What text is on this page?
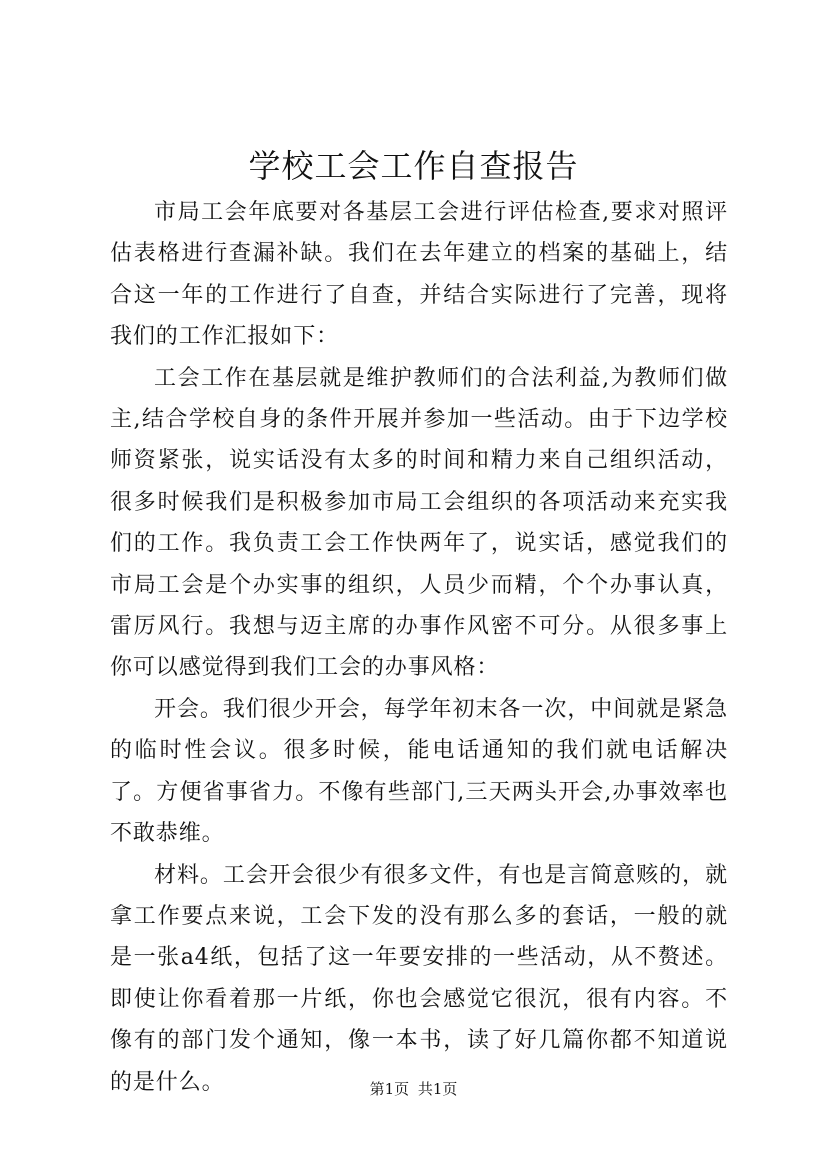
学校工会工作自查报告

市局工会年底要对各基层工会进行评估检查,要求对照评估表格进行查漏补缺。我们在去年建立的档案的基础上，结合这一年的工作进行了自查，并结合实际进行了完善，现将我们的工作汇报如下：

工会工作在基层就是维护教师们的合法利益,为教师们做主,结合学校自身的条件开展并参加一些活动。由于下边学校师资紧张，说实话没有太多的时间和精力来自己组织活动，很多时候我们是积极参加市局工会组织的各项活动来充实我们的工作。我负责工会工作快两年了，说实话，感觉我们的市局工会是个办实事的组织，人员少而精，个个办事认真，雷厉风行。我想与迈主席的办事作风密不可分。从很多事上你可以感觉得到我们工会的办事风格：

开会。我们很少开会，每学年初末各一次，中间就是紧急的临时性会议。很多时候，能电话通知的我们就电话解决了。方便省事省力。不像有些部门,三天两头开会,办事效率也不敢恭维。

材料。工会开会很少有很多文件，有也是言简意赅的，就拿工作要点来说，工会下发的没有那么多的套话，一般的就是一张a4纸，包括了这一年要安排的一些活动，从不赘述。即使让你看着那一片纸，你也会感觉它很沉，很有内容。不像有的部门发个通知，像一本书，读了好几篇你都不知道说的是什么。	第1页 共1页
